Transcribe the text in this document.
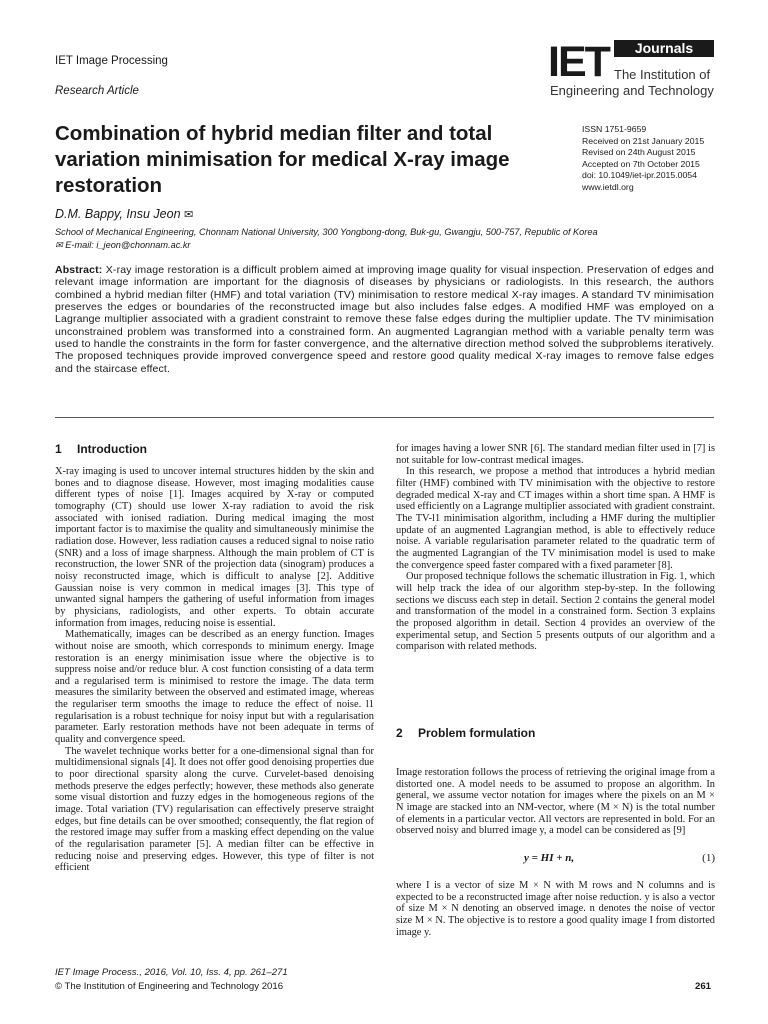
IET Image Processing
Research Article
IET	Journals
The Institution of
Engineering and Technology
Combination of hybrid median filter and total variation minimisation for medical X-ray image restoration
ISSN 1751-9659
Received on 21st January 2015
Revised on 24th August 2015
Accepted on 7th October 2015
doi: 10.1049/iet-ipr.2015.0054
www.ietdl.org
D.M. Bappy, Insu Jeon ✉
School of Mechanical Engineering, Chonnam National University, 300 Yongbong-dong, Buk-gu, Gwangju, 500-757, Republic of Korea
✉ E-mail: i_jeon@chonnam.ac.kr
Abstract: X-ray image restoration is a difficult problem aimed at improving image quality for visual inspection. Preservation of edges and relevant image information are important for the diagnosis of diseases by physicians or radiologists. In this research, the authors combined a hybrid median filter (HMF) and total variation (TV) minimisation to restore medical X-ray images. A standard TV minimisation preserves the edges or boundaries of the reconstructed image but also includes false edges. A modified HMF was employed on a Lagrange multiplier associated with a gradient constraint to remove these false edges during the multiplier update. The TV minimisation unconstrained problem was transformed into a constrained form. An augmented Lagrangian method with a variable penalty term was used to handle the constraints in the form for faster convergence, and the alternative direction method solved the subproblems iteratively. The proposed techniques provide improved convergence speed and restore good quality medical X-ray images to remove false edges and the staircase effect.
1 Introduction

X-ray imaging is used to uncover internal structures hidden by the skin and bones and to diagnose disease. However, most imaging modalities cause different types of noise [1]. Images acquired by X-ray or computed tomography (CT) should use lower X-ray radiation to avoid the risk associated with ionised radiation. During medical imaging the most important factor is to maximise the quality and simultaneously minimise the radiation dose. However, less radiation causes a reduced signal to noise ratio (SNR) and a loss of image sharpness. Although the main problem of CT is reconstruction, the lower SNR of the projection data (sinogram) produces a noisy reconstructed image, which is difficult to analyse [2]. Additive Gaussian noise is very common in medical images [3]. This type of unwanted signal hampers the gathering of useful information from images by physicians, radiologists, and other experts. To obtain accurate information from images, reducing noise is essential.

Mathematically, images can be described as an energy function. Images without noise are smooth, which corresponds to minimum energy. Image restoration is an energy minimisation issue where the objective is to suppress noise and/or reduce blur. A cost function consisting of a data term and a regularised term is minimised to restore the image. The data term measures the similarity between the observed and estimated image, whereas the regulariser term smooths the image to reduce the effect of noise. l1 regularisation is a robust technique for noisy input but with a regularisation parameter. Early restoration methods have not been adequate in terms of quality and convergence speed.

The wavelet technique works better for a one-dimensional signal than for multidimensional signals [4]. It does not offer good denoising properties due to poor directional sparsity along the curve. Curvelet-based denoising methods preserve the edges perfectly; however, these methods also generate some visual distortion and fuzzy edges in the homogeneous regions of the image. Total variation (TV) regularisation can effectively preserve straight edges, but fine details can be over smoothed; consequently, the flat region of the restored image may suffer from a masking effect depending on the value of the regularisation parameter [5]. A median filter can be effective in reducing noise and preserving edges. However, this type of filter is not efficient

for images having a lower SNR [6]. The standard median filter used in [7] is not suitable for low-contrast medical images.

In this research, we propose a method that introduces a hybrid median filter (HMF) combined with TV minimisation with the objective to restore degraded medical X-ray and CT images within a short time span. A HMF is used efficiently on a Lagrange multiplier associated with gradient constraint. The TV-l1 minimisation algorithm, including a HMF during the multiplier update of an augmented Lagrangian method, is able to effectively reduce noise. A variable regularisation parameter related to the quadratic term of the augmented Lagrangian of the TV minimisation model is used to make the convergence speed faster compared with a fixed parameter [8].

Our proposed technique follows the schematic illustration in Fig. 1, which will help track the idea of our algorithm step-by-step. In the following sections we discuss each step in detail. Section 2 contains the general model and transformation of the model in a constrained form. Section 3 explains the proposed algorithm in detail. Section 4 provides an overview of the experimental setup, and Section 5 presents outputs of our algorithm and a comparison with related methods.

2 Problem formulation

Image restoration follows the process of retrieving the original image from a distorted one. A model needs to be assumed to propose an algorithm. In general, we assume vector notation for images where the pixels on an M × N image are stacked into an NM-vector, where (M × N) is the total number of elements in a particular vector. All vectors are represented in bold. For an observed noisy and blurred image y, a model can be considered as [9]

y = HI + n,	(1)

where I is a vector of size M × N with M rows and N columns and is expected to be a reconstructed image after noise reduction. y is also a vector of size M × N denoting an observed image. n denotes the noise of vector size M × N. The objective is to restore a good quality image I from distorted image y.

IET Image Process., 2016, Vol. 10, Iss. 4, pp. 261–271
© The Institution of Engineering and Technology 2016	261
